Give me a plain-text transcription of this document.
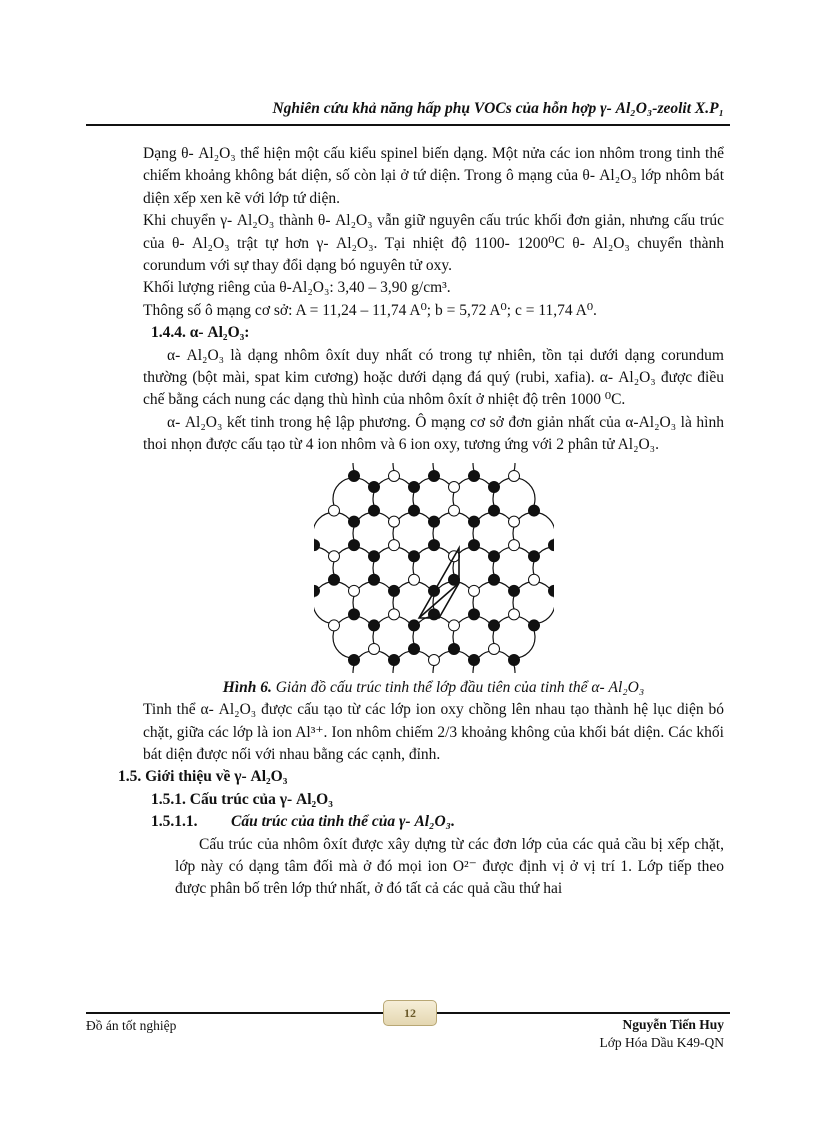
Nghiên cứu khả năng hấp phụ VOCs của hỗn hợp γ- Al₂O₃-zeolit X.P₁

Dạng θ- Al₂O₃ thể hiện một cấu kiểu spinel biến dạng. Một nửa các ion nhôm trong tinh thể chiếm khoảng không bát diện, số còn lại ở tứ diện. Trong ô mạng của θ- Al₂O₃ lớp nhôm bát diện xếp xen kẽ với lớp tứ diện.

Khi chuyển γ- Al₂O₃ thành θ- Al₂O₃ vẫn giữ nguyên cấu trúc khối đơn giản, nhưng cấu trúc của θ- Al₂O₃ trật tự hơn γ- Al₂O₃. Tại nhiệt độ 1100- 1200⁰C θ- Al₂O₃ chuyển thành corundum với sự thay đổi dạng bó nguyên tử oxy.

Khối lượng riêng của θ-Al₂O₃: 3,40 – 3,90 g/cm³.

Thông số ô mạng cơ sở: A = 11,24 – 11,74 A⁰; b = 5,72 A⁰; c = 11,74 A⁰.

1.4.4. α- Al₂O₃:

α- Al₂O₃ là dạng nhôm ôxít duy nhất có trong tự nhiên, tồn tại dưới dạng corundum thường (bột mài, spat kim cương) hoặc dưới dạng đá quý (rubi, xafia). α- Al₂O₃ được điều chế bằng cách nung các dạng thù hình của nhôm ôxít ở nhiệt độ trên 1000 ⁰C.

α- Al₂O₃ kết tinh trong hệ lập phương. Ô mạng cơ sở đơn giản nhất của α-Al₂O₃ là hình thoi nhọn được cấu tạo từ 4 ion nhôm và 6 ion oxy, tương ứng với 2 phân tử Al₂O₃.

Hình 6. Giản đồ cấu trúc tinh thể lớp đầu tiên của tinh thể α- Al₂O₃

Tinh thể α- Al₂O₃ được cấu tạo từ các lớp ion oxy chồng lên nhau tạo thành hệ lục diện bó chặt, giữa các lớp là ion Al³⁺. Ion nhôm chiếm 2/3 khoảng không của khối bát diện. Các khối bát diện được nối với nhau bằng các cạnh, đỉnh.

1.5. Giới thiệu về γ- Al₂O₃

1.5.1. Cấu trúc của γ- Al₂O₃

1.5.1.1. Cấu trúc của tinh thể của γ- Al₂O₃.

Cấu trúc của nhôm ôxít được xây dựng từ các đơn lớp của các quả cầu bị xếp chặt, lớp này có dạng tâm đối mà ở đó mọi ion O²⁻ được định vị ở vị trí 1. Lớp tiếp theo được phân bố trên lớp thứ nhất, ở đó tất cả các quả cầu thứ hai

12
Đồ án tốt nghiệp	Nguyễn Tiến Huy
Lớp Hóa Dầu K49-QN
